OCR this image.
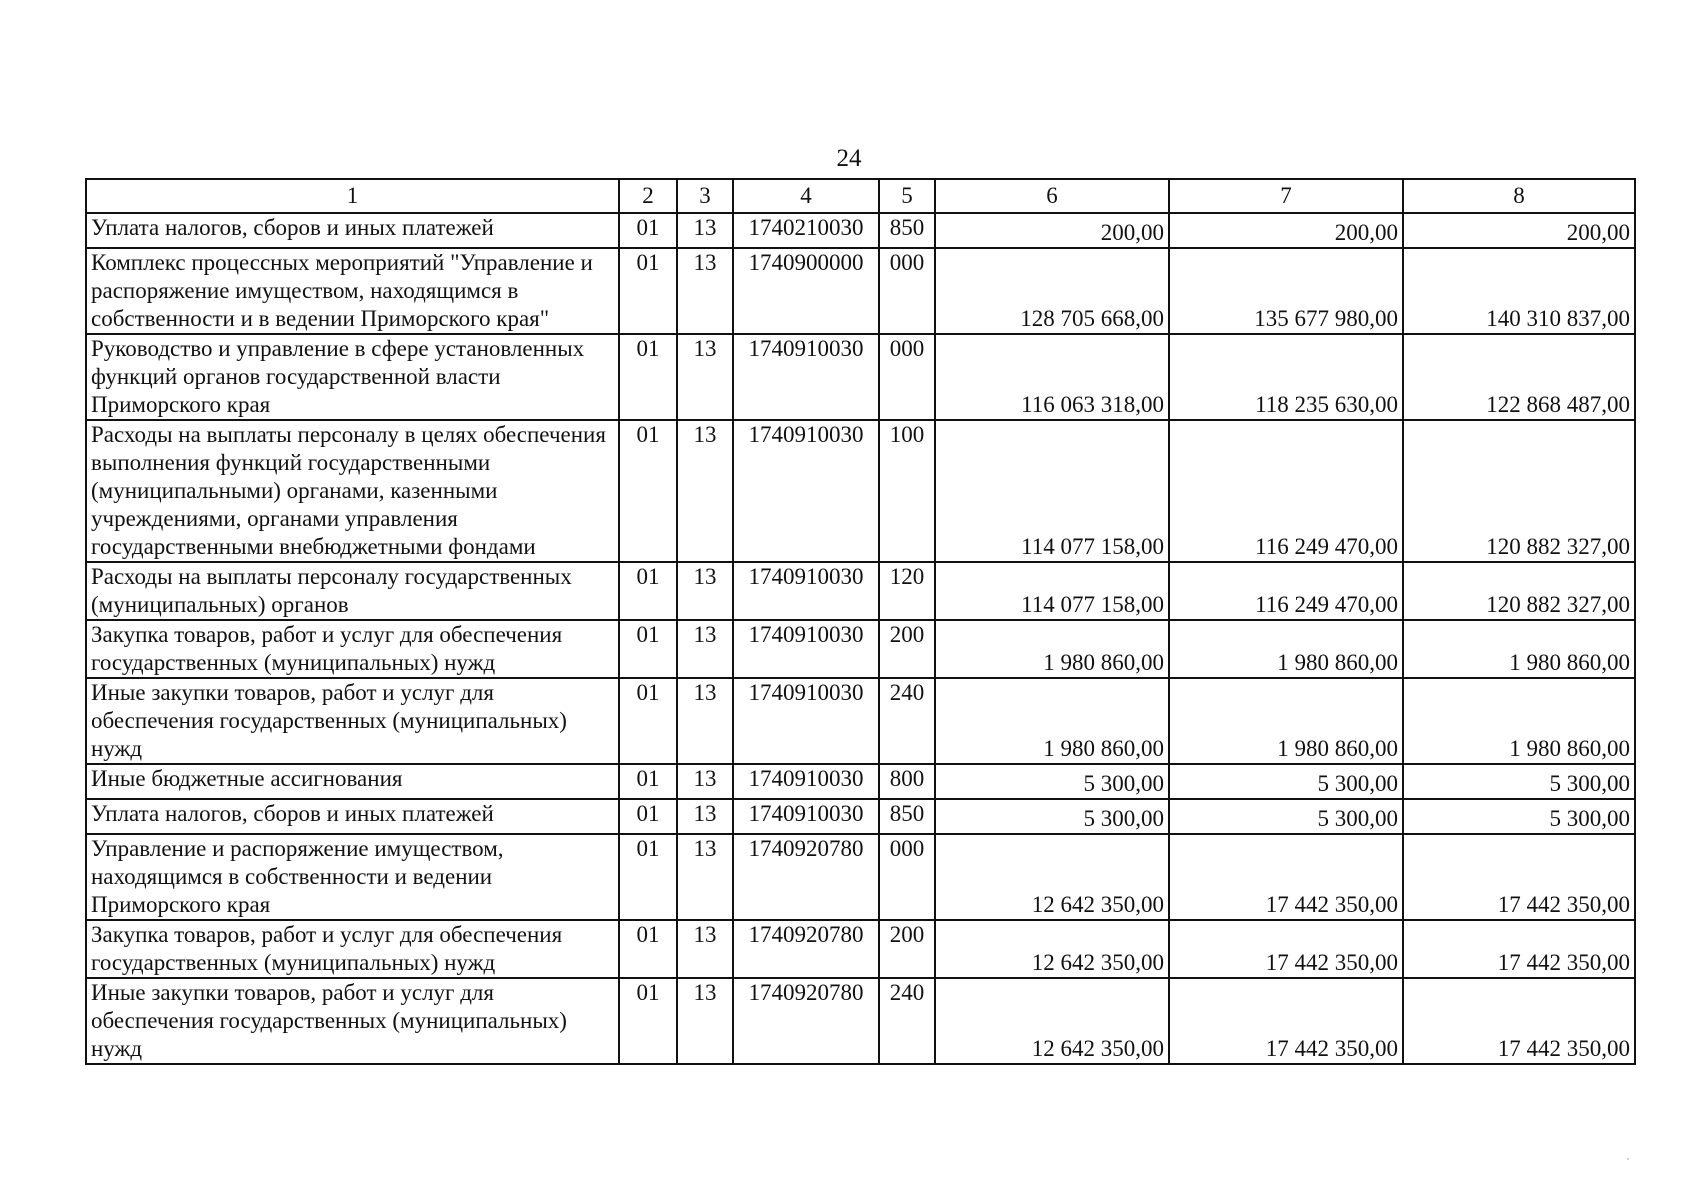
24
1	2	3	4	5	6	7	8
Уплата налогов, сборов и иных платежей	01	13	1740210030	850	200,00	200,00	200,00
Комплекс процессных мероприятий "Управление и распоряжение имуществом, находящимся в собственности и в ведении Приморского края"	01	13	1740900000	000	128 705 668,00	135 677 980,00	140 310 837,00
Руководство и управление в сфере установленных функций органов государственной власти Приморского края	01	13	1740910030	000	116 063 318,00	118 235 630,00	122 868 487,00
Расходы на выплаты персоналу в целях обеспечения выполнения функций государственными (муниципальными) органами, казенными учреждениями, органами управления государственными внебюджетными фондами	01	13	1740910030	100	114 077 158,00	116 249 470,00	120 882 327,00
Расходы на выплаты персоналу государственных (муниципальных) органов	01	13	1740910030	120	114 077 158,00	116 249 470,00	120 882 327,00
Закупка товаров, работ и услуг для обеспечения государственных (муниципальных) нужд	01	13	1740910030	200	1 980 860,00	1 980 860,00	1 980 860,00
Иные закупки товаров, работ и услуг для обеспечения государственных (муниципальных) нужд	01	13	1740910030	240	1 980 860,00	1 980 860,00	1 980 860,00
Иные бюджетные ассигнования	01	13	1740910030	800	5 300,00	5 300,00	5 300,00
Уплата налогов, сборов и иных платежей	01	13	1740910030	850	5 300,00	5 300,00	5 300,00
Управление и распоряжение имуществом, находящимся в собственности и ведении Приморского края	01	13	1740920780	000	12 642 350,00	17 442 350,00	17 442 350,00
Закупка товаров, работ и услуг для обеспечения государственных (муниципальных) нужд	01	13	1740920780	200	12 642 350,00	17 442 350,00	17 442 350,00
Иные закупки товаров, работ и услуг для обеспечения государственных (муниципальных) нужд	01	13	1740920780	240	12 642 350,00	17 442 350,00	17 442 350,00
